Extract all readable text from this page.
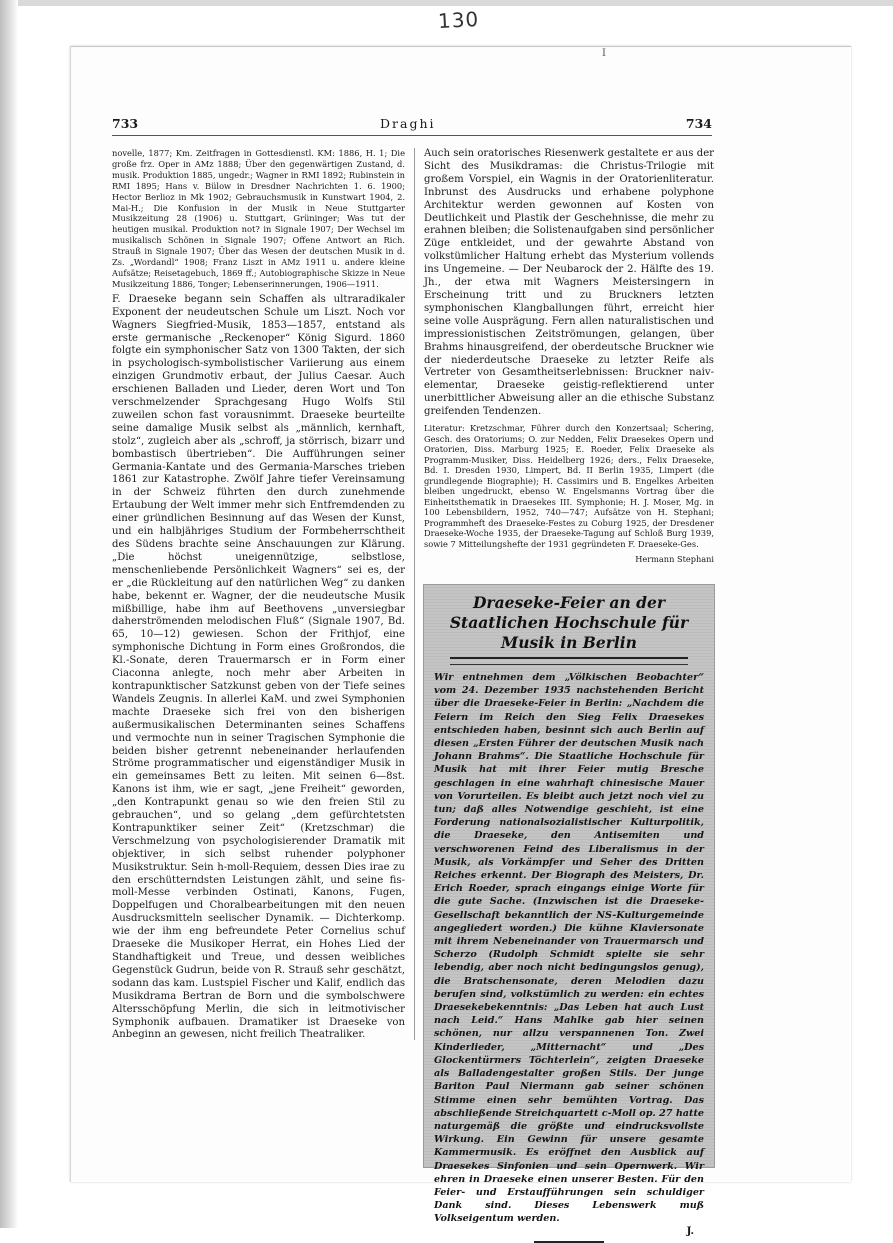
130
I
733	Draghi	734

novelle, 1877; Km. Zeitfragen in Gottesdienstl. KM: 1886, H. 1; Die große frz. Oper in AMz 1888; Über den gegenwärtigen Zustand, d. musik. Produktion 1885, ungedr.; Wagner in RMI 1892; Rubinstein in RMI 1895; Hans v. Bülow in Dresdner Nachrichten 1. 6. 1900; Hector Berlioz in Mk 1902; Gebrauchsmusik in Kunstwart 1904, 2. Mai-H.; Die Konfusion in der Musik in Neue Stuttgarter Musikzeitung 28 (1906) u. Stuttgart, Grüninger; Was tut der heutigen musikal. Produktion not? in Signale 1907; Der Wechsel im musikalisch Schönen in Signale 1907; Offene Antwort an Rich. Strauß in Signale 1907; Über das Wesen der deutschen Musik in d. Zs. „Wordandl“ 1908; Franz Liszt in AMz 1911 u. andere kleine Aufsätze; Reisetagebuch, 1869 ff.; Autobiographische Skizze in Neue Musikzeitung 1886, Tonger; Lebenserinnerungen, 1906—1911.

F. Draeseke begann sein Schaffen als ultraradikaler Exponent der neudeutschen Schule um Liszt. Noch vor Wagners Siegfried-Musik, 1853—1857, entstand als erste germanische „Reckenoper“ König Sigurd. 1860 folgte ein symphonischer Satz von 1300 Takten, der sich in psychologisch-symbolistischer Variierung aus einem einzigen Grundmotiv erbaut, der Julius Caesar. Auch erschienen Balladen und Lieder, deren Wort und Ton verschmelzender Sprachgesang Hugo Wolfs Stil zuweilen schon fast vorausnimmt. Draeseke beurteilte seine damalige Musik selbst als „männlich, kernhaft, stolz“, zugleich aber als „schroff, ja störrisch, bizarr und bombastisch übertrieben“. Die Aufführungen seiner Germania-Kantate und des Germania-Marsches trieben 1861 zur Katastrophe. Zwölf Jahre tiefer Vereinsamung in der Schweiz führten den durch zunehmende Ertaubung der Welt immer mehr sich Entfremdenden zu einer gründlichen Besinnung auf das Wesen der Kunst, und ein halbjähriges Studium der Formbeherrschtheit des Südens brachte seine Anschauungen zur Klärung. „Die höchst uneigennützige, selbstlose, menschenliebende Persönlichkeit Wagners“ sei es, der er „die Rückleitung auf den natürlichen Weg“ zu danken habe, bekennt er. Wagner, der die neudeutsche Musik mißbillige, habe ihm auf Beethovens „unversiegbar daherströmenden melodischen Fluß“ (Signale 1907, Bd. 65, 10—12) gewiesen. Schon der Frithjof, eine symphonische Dichtung in Form eines Großrondos, die Kl.-Sonate, deren Trauermarsch er in Form einer Ciaconna anlegte, noch mehr aber Arbeiten in kontrapunktischer Satzkunst geben von der Tiefe seines Wandels Zeugnis. In allerlei KaM. und zwei Symphonien machte Draeseke sich frei von den bisherigen außermusikalischen Determinanten seines Schaffens und vermochte nun in seiner Tragischen Symphonie die beiden bisher getrennt nebeneinander herlaufenden Ströme programmatischer und eigenständiger Musik in ein gemeinsames Bett zu leiten. Mit seinen 6—8st. Kanons ist ihm, wie er sagt, „jene Freiheit“ geworden, „den Kontrapunkt genau so wie den freien Stil zu gebrauchen“, und so gelang „dem gefürchtetsten Kontrapunktiker seiner Zeit“ (Kretzschmar) die Verschmelzung von psychologisierender Dramatik mit objektiver, in sich selbst ruhender polyphoner Musikstruktur. Sein h-moll-Requiem, dessen Dies irae zu den erschütterndsten Leistungen zählt, und seine fis-moll-Messe verbinden Ostinati, Kanons, Fugen, Doppelfugen und Choralbearbeitungen mit den neuen Ausdrucksmitteln seelischer Dynamik. — Dichterkomp. wie der ihm eng befreundete Peter Cornelius schuf Draeseke die Musikoper Herrat, ein Hohes Lied der Standhaftigkeit und Treue, und dessen weibliches Gegenstück Gudrun, beide von R. Strauß sehr geschätzt, sodann das kam. Lustspiel Fischer und Kalif, endlich das Musikdrama Bertran de Born und die symbolschwere Altersschöpfung Merlin, die sich in leitmotivischer Symphonik aufbauen. Dramatiker ist Draeseke von Anbeginn an gewesen, nicht freilich Theatraliker.

Auch sein oratorisches Riesenwerk gestaltete er aus der Sicht des Musikdramas: die Christus-Trilogie mit großem Vorspiel, ein Wagnis in der Oratorienliteratur. Inbrunst des Ausdrucks und erhabene polyphone Architektur werden gewonnen auf Kosten von Deutlichkeit und Plastik der Geschehnisse, die mehr zu erahnen bleiben; die Solistenaufgaben sind persönlicher Züge entkleidet, und der gewahrte Abstand von volkstümlicher Haltung erhebt das Mysterium vollends ins Ungemeine. — Der Neubarock der 2. Hälfte des 19. Jh., der etwa mit Wagners Meistersingern in Erscheinung tritt und zu Bruckners letzten symphonischen Klangballungen führt, erreicht hier seine volle Ausprägung. Fern allen naturalistischen und impressionistischen Zeitströmungen, gelangen, über Brahms hinausgreifend, der oberdeutsche Bruckner wie der niederdeutsche Draeseke zu letzter Reife als Vertreter von Gesamtheitserlebnissen: Bruckner naiv-elementar, Draeseke geistig-reflektierend unter unerbittlicher Abweisung aller an die ethische Substanz greifenden Tendenzen.

Literatur: Kretzschmar, Führer durch den Konzertsaal; Schering, Gesch. des Oratoriums; O. zur Nedden, Felix Draesekes Opern und Oratorien, Diss. Marburg 1925; E. Roeder, Felix Draeseke als Programm-Musiker, Diss. Heidelberg 1926; ders., Felix Draeseke, Bd. I. Dresden 1930, Limpert, Bd. II Berlin 1935, Limpert (die grundlegende Biographie); H. Cassimirs und B. Engelkes Arbeiten bleiben ungedruckt, ebenso W. Engelsmanns Vortrag über die Einheitsthematik in Draesekes III. Symphonie; H. J. Moser, Mg. in 100 Lebensbildern, 1952, 740—747; Aufsätze von H. Stephani; Programmheft des Draeseke-Festes zu Coburg 1925, der Dresdener Draeseke-Woche 1935, der Draeseke-Tagung auf Schloß Burg 1939, sowie 7 Mitteilungshefte der 1931 gegründeten F. Draeseke-Ges.

Hermann Stephani

Draeseke-Feier an der Staatlichen Hochschule für Musik in Berlin
Wir entnehmen dem „Völkischen Beobachter“ vom 24. Dezember 1935 nachstehenden Bericht über die Draeseke-Feier in Berlin: „Nachdem die Feiern im Reich den Sieg Felix Draesekes entschieden haben, besinnt sich auch Berlin auf diesen „Ersten Führer der deutschen Musik nach Johann Brahms“. Die Staatliche Hochschule für Musik hat mit ihrer Feier mutig Bresche geschlagen in eine wahrhaft chinesische Mauer von Vorurteilen. Es bleibt auch jetzt noch viel zu tun; daß alles Notwendige geschieht, ist eine Forderung nationalsozialistischer Kulturpolitik, die Draeseke, den Antisemiten und verschworenen Feind des Liberalismus in der Musik, als Vorkämpfer und Seher des Dritten Reiches erkennt. Der Biograph des Meisters, Dr. Erich Roeder, sprach eingangs einige Worte für die gute Sache. (Inzwischen ist die Draeseke-Gesellschaft bekanntlich der NS-Kulturgemeinde angegliedert worden.) Die kühne Klaviersonate mit ihrem Nebeneinander von Trauermarsch und Scherzo (Rudolph Schmidt spielte sie sehr lebendig, aber noch nicht bedingungslos genug), die Bratschensonate, deren Melodien dazu berufen sind, volkstümlich zu werden: ein echtes Draesekebekenntnis: „Das Leben hat auch Lust nach Leid.“ Hans Mahlke gab hier seinen schönen, nur allzu verspannenen Ton. Zwei Kinderlieder, „Mitternacht“ und „Des Glockentürmers Töchterlein“, zeigten Draeseke als Balladengestalter großen Stils. Der junge Bariton Paul Niermann gab seiner schönen Stimme einen sehr bemühten Vortrag. Das abschließende Streichquartett c-Moll op. 27 hatte naturgemäß die größte und eindrucksvollste Wirkung. Ein Gewinn für unsere gesamte Kammermusik. Es eröffnet den Ausblick auf Draesekes Sinfonien und sein Opernwerk. Wir ehren in Draeseke einen unserer Besten. Für den Feier- und Erstaufführungen sein schuldiger Dank sind. Dieses Lebenswerk muß Volkseigentum werden.
J.
